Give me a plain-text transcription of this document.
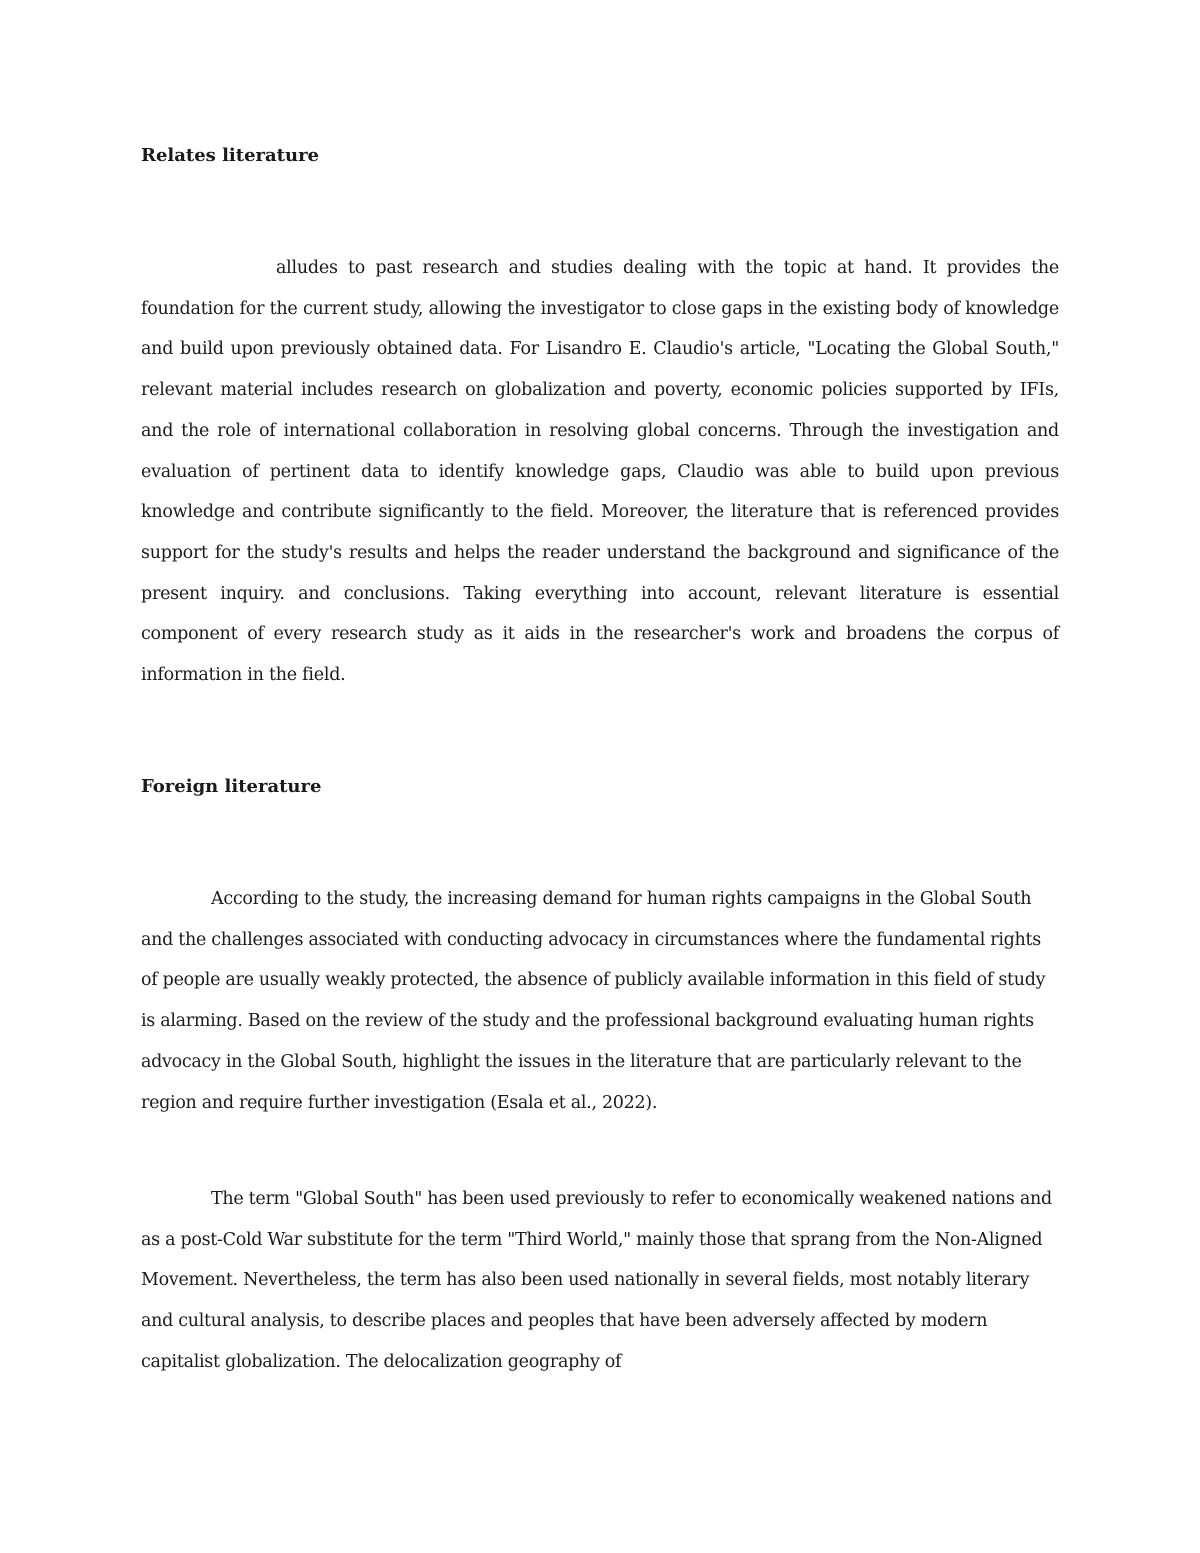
Relates literature

alludes to past research and studies dealing with the topic at hand. It provides the foundation for the current study, allowing the investigator to close gaps in the existing body of knowledge and build upon previously obtained data. For Lisandro E. Claudio's article, "Locating the Global South," relevant material includes research on globalization and poverty, economic policies supported by IFIs, and the role of international collaboration in resolving global concerns. Through the investigation and evaluation of pertinent data to identify knowledge gaps, Claudio was able to build upon previous knowledge and contribute significantly to the field. Moreover, the literature that is referenced provides support for the study's results and helps the reader understand the background and significance of the present inquiry. and conclusions. Taking everything into account, relevant literature is essential component of every research study as it aids in the researcher's work and broadens the corpus of information in the field.

Foreign literature

According to the study, the increasing demand for human rights campaigns in the Global South and the challenges associated with conducting advocacy in circumstances where the fundamental rights of people are usually weakly protected, the absence of publicly available information in this field of study is alarming. Based on the review of the study and the professional background evaluating human rights advocacy in the Global South, highlight the issues in the literature that are particularly relevant to the region and require further investigation (Esala et al., 2022).

The term "Global South" has been used previously to refer to economically weakened nations and as a post-Cold War substitute for the term "Third World," mainly those that sprang from the Non-Aligned Movement. Nevertheless, the term has also been used nationally in several fields, most notably literary and cultural analysis, to describe places and peoples that have been adversely affected by modern capitalist globalization. The delocalization geography of
